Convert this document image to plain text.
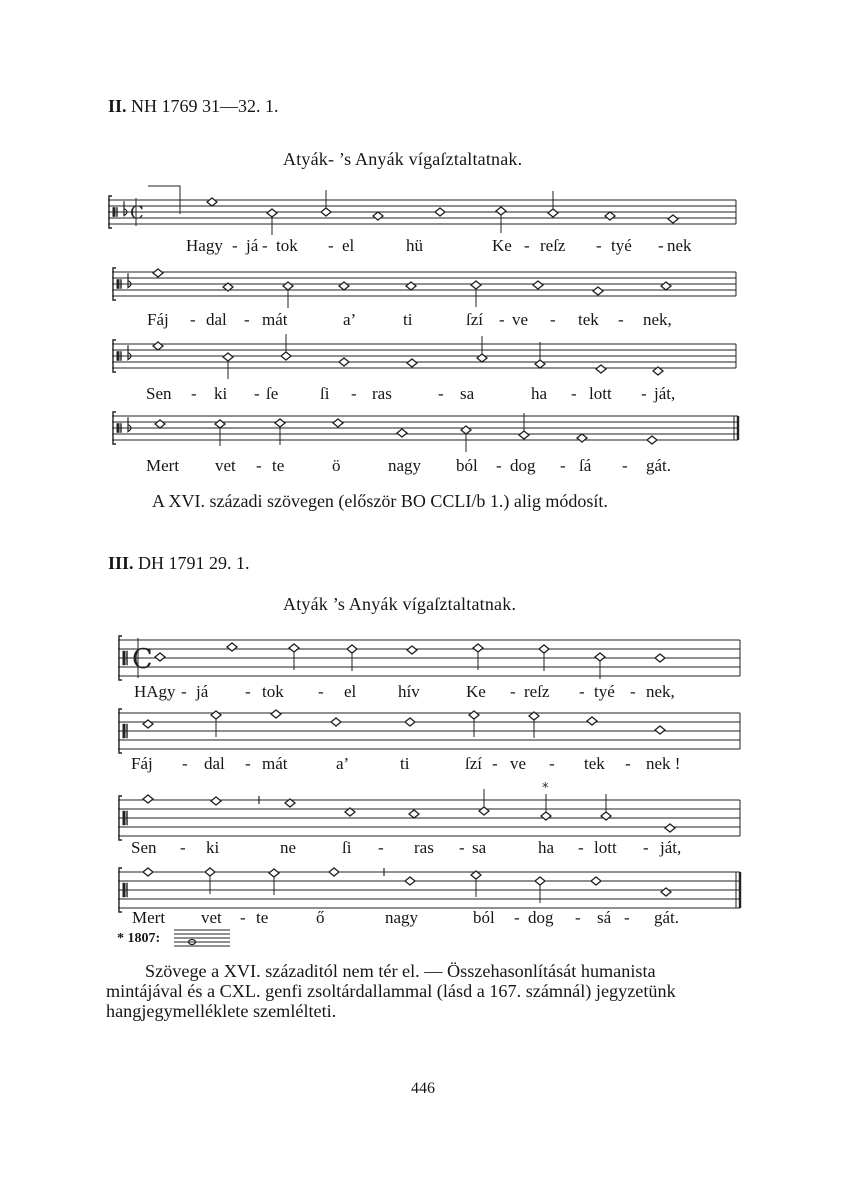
II. NH 1769 31—32. 1.
Atyák- ’s Anyák vígaſztaltatnak.
C
Hagy - já - tok - el	hü	Ke - reſz - tyé - nek
Fáj - dal - mát	a’	ti	ſzí - ve - tek - nek,
Sen - ki - ſe ſi - ras	- sa	ha - lott - ját,
Mert vet - te	ö	nagy ból - dog - ſá - gát.
A XVI. századi szövegen (először BO CCLI/b 1.) alig módosít.
III. DH 1791 29. 1.
Atyák ’s Anyák vígaſztaltatnak.
C
*
HAgy - já - tok - el hív	Ke - reſz - tyé - nek,
Fáj - dal - mát	a’	ti	ſzí - ve - tek - nek !
Sen - ki	ne	ſi - ras - sa	ha - lott - ját,
Mert vet - te	ő	nagy	ból - dog - sá - gát.
* 1807:
Szövege a XVI. századitól nem tér el. — Összehasonlítását humanista
mintájával és a CXL. genfi zsoltárdallammal (lásd a 167. számnál) jegyzetünk
hangjegymelléklete szemlélteti.
446
